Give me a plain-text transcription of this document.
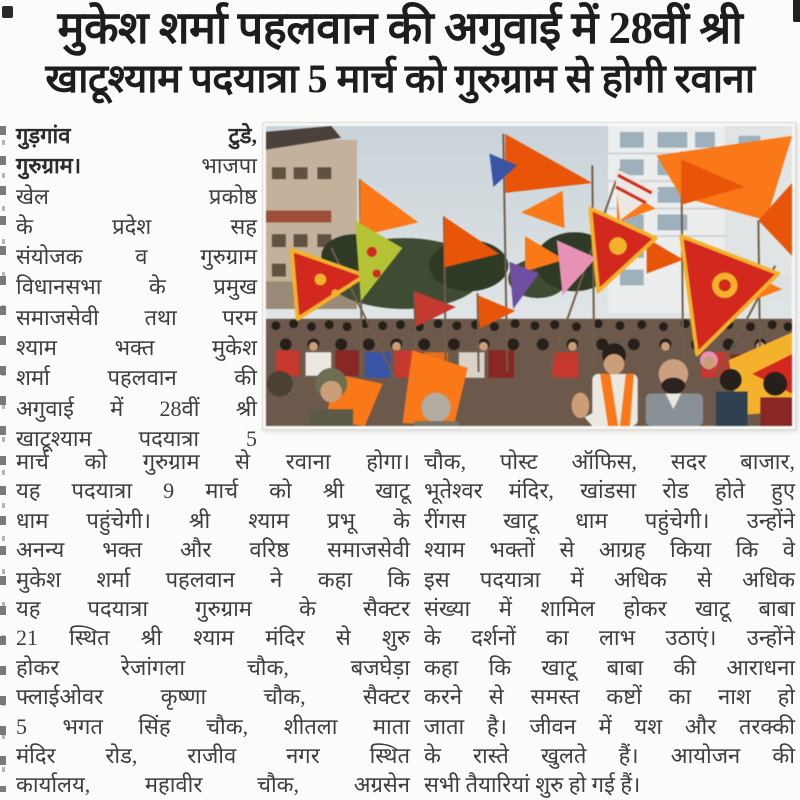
मुकेश शर्मा पहलवान की अगुवाई में 28वीं श्री
खाटूश्याम पदयात्रा 5 मार्च को गुरुग्राम से होगी रवाना
गुड़गांव टुडे,
गुरुग्राम।	भाजपा
खेल प्रकोष्ठ
के प्रदेश सह
संयोजक व गुरुग्राम
विधानसभा के प्रमुख
समाजसेवी तथा परम
श्याम भक्त मुकेश
शर्मा पहलवान की
अगुवाई में 28वीं श्री
खाटूश्याम पदयात्रा 5
मार्च को गुरुग्राम से रवाना होगा।
यह पदयात्रा 9 मार्च को श्री खाटू
धाम पहुंचेगी। श्री श्याम प्रभू के
अनन्य भक्त और वरिष्ठ समाजसेवी
मुकेश शर्मा पहलवान ने कहा कि
यह पदयात्रा गुरुग्राम के सैक्टर
21 स्थित श्री श्याम मंदिर से शुरु
होकर रेजांगला चौक, बजघेड़ा
फ्लाईओवर कृष्णा चौक, सैक्टर
5 भगत सिंह चौक, शीतला माता
मंदिर रोड, राजीव नगर स्थित
कार्यालय, महावीर चौक, अग्रसेन
चौक, पोस्ट ऑफिस, सदर बाजार,
भूतेश्वर मंदिर, खांडसा रोड होते हुए
रींगस खाटू धाम पहुंचेगी। उन्होंने
श्याम भक्तों से आग्रह किया कि वे
इस पदयात्रा में अधिक से अधिक
संख्या में शामिल होकर खाटू बाबा
के दर्शनों का लाभ उठाएं। उन्होंने
कहा कि खाटू बाबा की आराधना
करने से समस्त कष्टों का नाश हो
जाता है। जीवन में यश और तरक्की
के रास्ते खुलते हैं। आयोजन की
सभी तैयारियां शुरु हो गई हैं।
